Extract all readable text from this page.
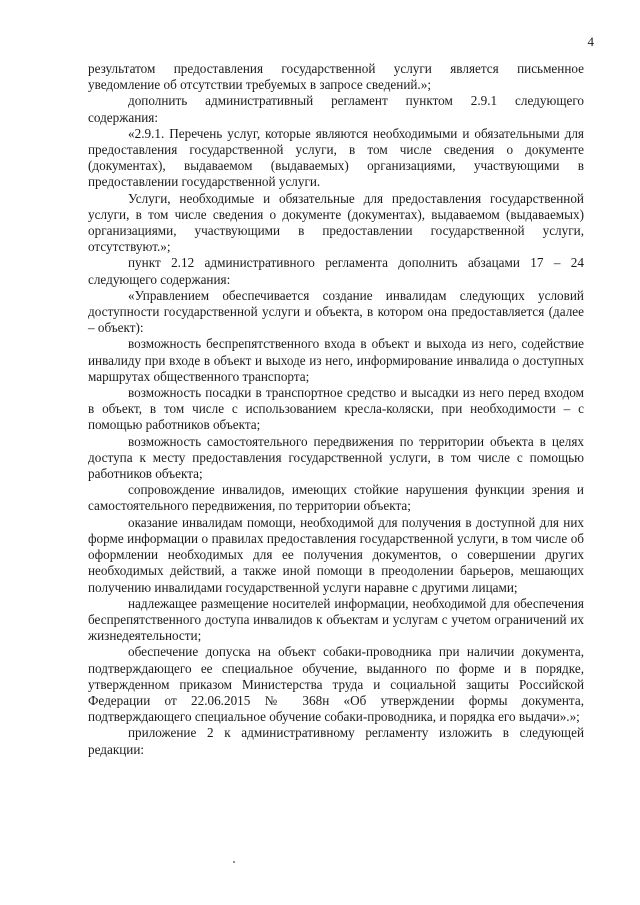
4

результатом предоставления государственной услуги является письменное уведомление об отсутствии требуемых в запросе сведений.»;

дополнить административный регламент пунктом 2.9.1 следующего содержания:

«2.9.1. Перечень услуг, которые являются необходимыми и обязательными для предоставления государственной услуги, в том числе сведения о документе (документах), выдаваемом (выдаваемых) организациями, участвующими в предоставлении государственной услуги.

Услуги, необходимые и обязательные для предоставления государственной услуги, в том числе сведения о документе (документах), выдаваемом (выдаваемых) организациями, участвующими в предоставлении государственной услуги, отсутствуют.»;

пункт 2.12 административного регламента дополнить абзацами 17 – 24 следующего содержания:

«Управлением обеспечивается создание инвалидам следующих условий доступности государственной услуги и объекта, в котором она предоставляется (далее – объект):

возможность беспрепятственного входа в объект и выхода из него, содействие инвалиду при входе в объект и выходе из него, информирование инвалида о доступных маршрутах общественного транспорта;

возможность посадки в транспортное средство и высадки из него перед входом в объект, в том числе с использованием кресла-коляски, при необходимости – с помощью работников объекта;

возможность самостоятельного передвижения по территории объекта в целях доступа к месту предоставления государственной услуги, в том числе с помощью работников объекта;

сопровождение инвалидов, имеющих стойкие нарушения функции зрения и самостоятельного передвижения, по территории объекта;

оказание инвалидам помощи, необходимой для получения в доступной для них форме информации о правилах предоставления государственной услуги, в том числе об оформлении необходимых для ее получения документов, о совершении других необходимых действий, а также иной помощи в преодолении барьеров, мешающих получению инвалидами государственной услуги наравне с другими лицами;

надлежащее размещение носителей информации, необходимой для обеспечения беспрепятственного доступа инвалидов к объектам и услугам с учетом ограничений их жизнедеятельности;

обеспечение допуска на объект собаки-проводника при наличии документа, подтверждающего ее специальное обучение, выданного по форме и в порядке, утвержденном приказом Министерства труда и социальной защиты Российской Федерации от 22.06.2015 № 368н «Об утверждении формы документа, подтверждающего специальное обучение собаки-проводника, и порядка его выдачи».»;

приложение 2 к административному регламенту изложить в следующей редакции:
